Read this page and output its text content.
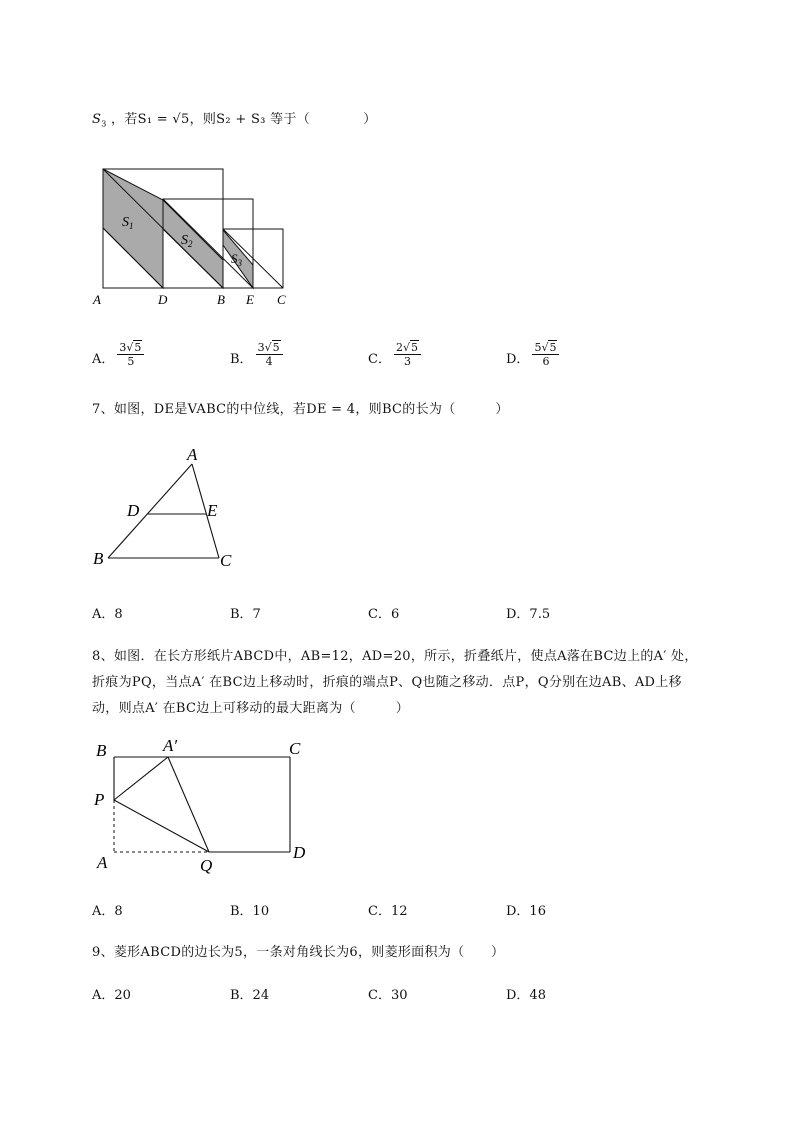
$S_3$ ，若S₁ = √5，则S₂ + S₃ 等于（　　　　）
$S_1$
$S_2$
$S_3$
A	D	B E C
A． $\frac{3√5}{5}$	B． $\frac{3√5}{4}$	C． $\frac{2√5}{3}$	D． $\frac{5√5}{6}$
7、如图，DE是VABC的中位线，若DE = 4，则BC的长为（　　　）
A
D	E
B	C
A．8	B．7	C．6	D．7.5
8、如图．在长方形纸片ABCD中，AB=12，AD=20，所示，折叠纸片，使点A落在BC边上的A′ 处，
折痕为PQ，当点A′ 在BC边上移动时，折痕的端点P、Q也随之移动．点P，Q分别在边AB、AD上移
动，则点A′ 在BC边上可移动的最大距离为（　　　）
B	A′	C
P
A	Q
D
A．8	B．10	C．12	D．16
9、菱形ABCD的边长为5，一条对角线长为6，则菱形面积为（　　）
A．20	B．24	C．30	D．48
